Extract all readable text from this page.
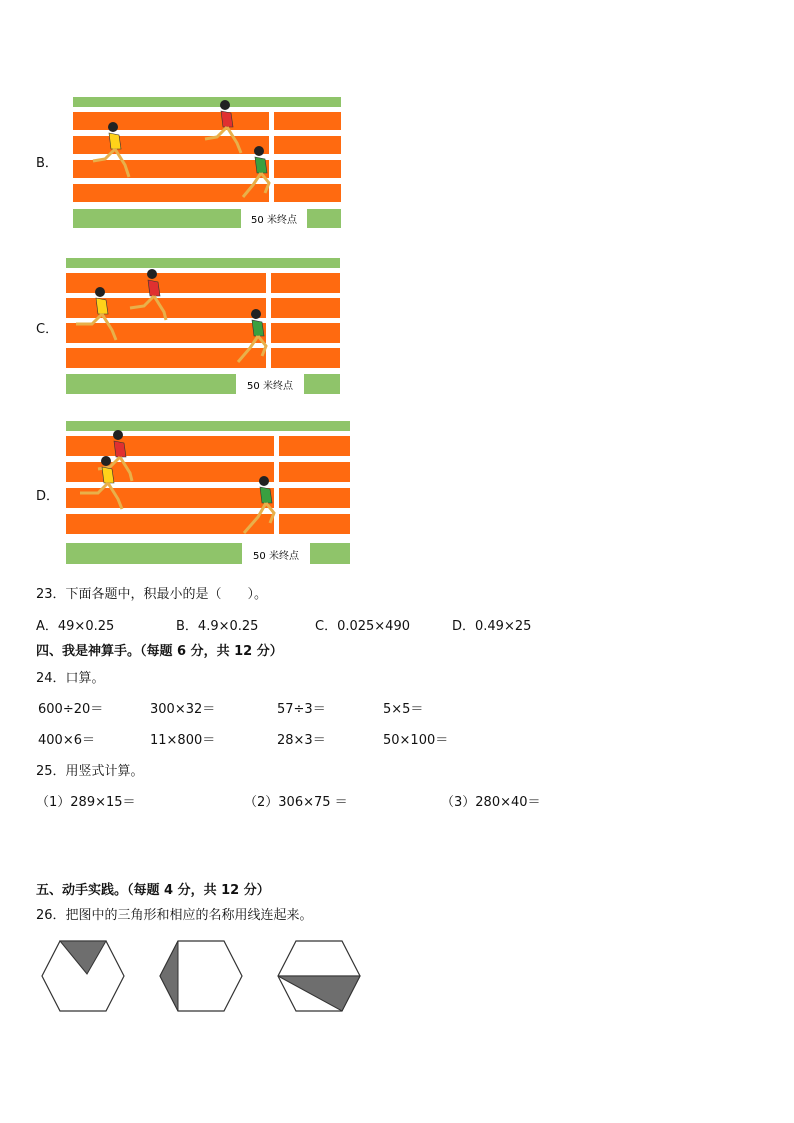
B．
50 米终点
C．
50 米终点
D．
50 米终点
23．下面各题中，积最小的是（　　）。
A．49×0.25	B．4.9×0.25	C．0.025×490	D．0.49×25
四、我是神算手。（每题 6 分，共 12 分）
24．口算。
600÷20＝	300×32＝	57÷3＝	5×5＝
400×6＝	11×800＝	28×3＝	50×100＝
25．用竖式计算。
（1）289×15＝	（2）306×75 ＝	（3）280×40＝
五、动手实践。（每题 4 分，共 12 分）
26．把图中的三角形和相应的名称用线连起来。
